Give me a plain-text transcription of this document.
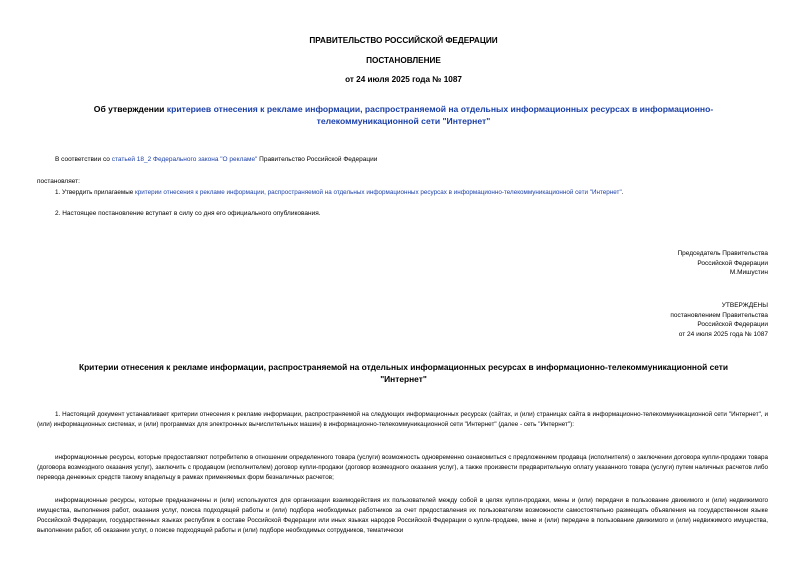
ПРАВИТЕЛЬСТВО РОССИЙСКОЙ ФЕДЕРАЦИИ
ПОСТАНОВЛЕНИЕ
от 24 июля 2025 года № 1087
Об утверждении критериев отнесения к рекламе информации, распространяемой на отдельных информационных ресурсах в информационно-телекоммуникационной сети "Интернет"
В соответствии со статьей 18_2 Федерального закона "О рекламе" Правительство Российской Федерации
постановляет:
1. Утвердить прилагаемые критерии отнесения к рекламе информации, распространяемой на отдельных информационных ресурсах в информационно-телекоммуникационной сети "Интернет".
2. Настоящее постановление вступает в силу со дня его официального опубликования.
Председатель Правительства
Российской Федерации
М.Мишустин
УТВЕРЖДЕНЫ
постановлением Правительства
Российской Федерации
от 24 июля 2025 года № 1087
Критерии отнесения к рекламе информации, распространяемой на отдельных информационных ресурсах в информационно-телекоммуникационной сети "Интернет"
1. Настоящий документ устанавливает критерии отнесения к рекламе информации, распространяемой на следующих информационных ресурсах (сайтах, и (или) страницах сайта в информационно-телекоммуникационной сети "Интернет", и (или) информационных системах, и (или) программах для электронных вычислительных машин) в информационно-телекоммуникационной сети "Интернет" (далее - сеть "Интернет"):
информационные ресурсы, которые предоставляют потребителю в отношении определенного товара (услуги) возможность одновременно ознакомиться с предложением продавца (исполнителя) о заключении договора купли-продажи товара (договора возмездного оказания услуг), заключить с продавцом (исполнителем) договор купли-продажи (договор возмездного оказания услуг), а также произвести предварительную оплату указанного товара (услуги) путем наличных расчетов либо перевода денежных средств такому владельцу в рамках применяемых форм безналичных расчетов;
информационные ресурсы, которые предназначены и (или) используются для организации взаимодействия их пользователей между собой в целях купли-продажи, мены и (или) передачи в пользование движимого и (или) недвижимого имущества, выполнения работ, оказания услуг, поиска подходящей работы и (или) подбора необходимых работников за счет предоставления их пользователям возможности самостоятельно размещать объявления на государственном языке Российской Федерации, государственных языках республик в составе Российской Федерации или иных языках народов Российской Федерации о купле-продаже, мене и (или) передаче в пользование движимого и (или) недвижимого имущества, выполнении работ, об оказании услуг, о поиске подходящей работы и (или) подборе необходимых сотрудников, тематически
